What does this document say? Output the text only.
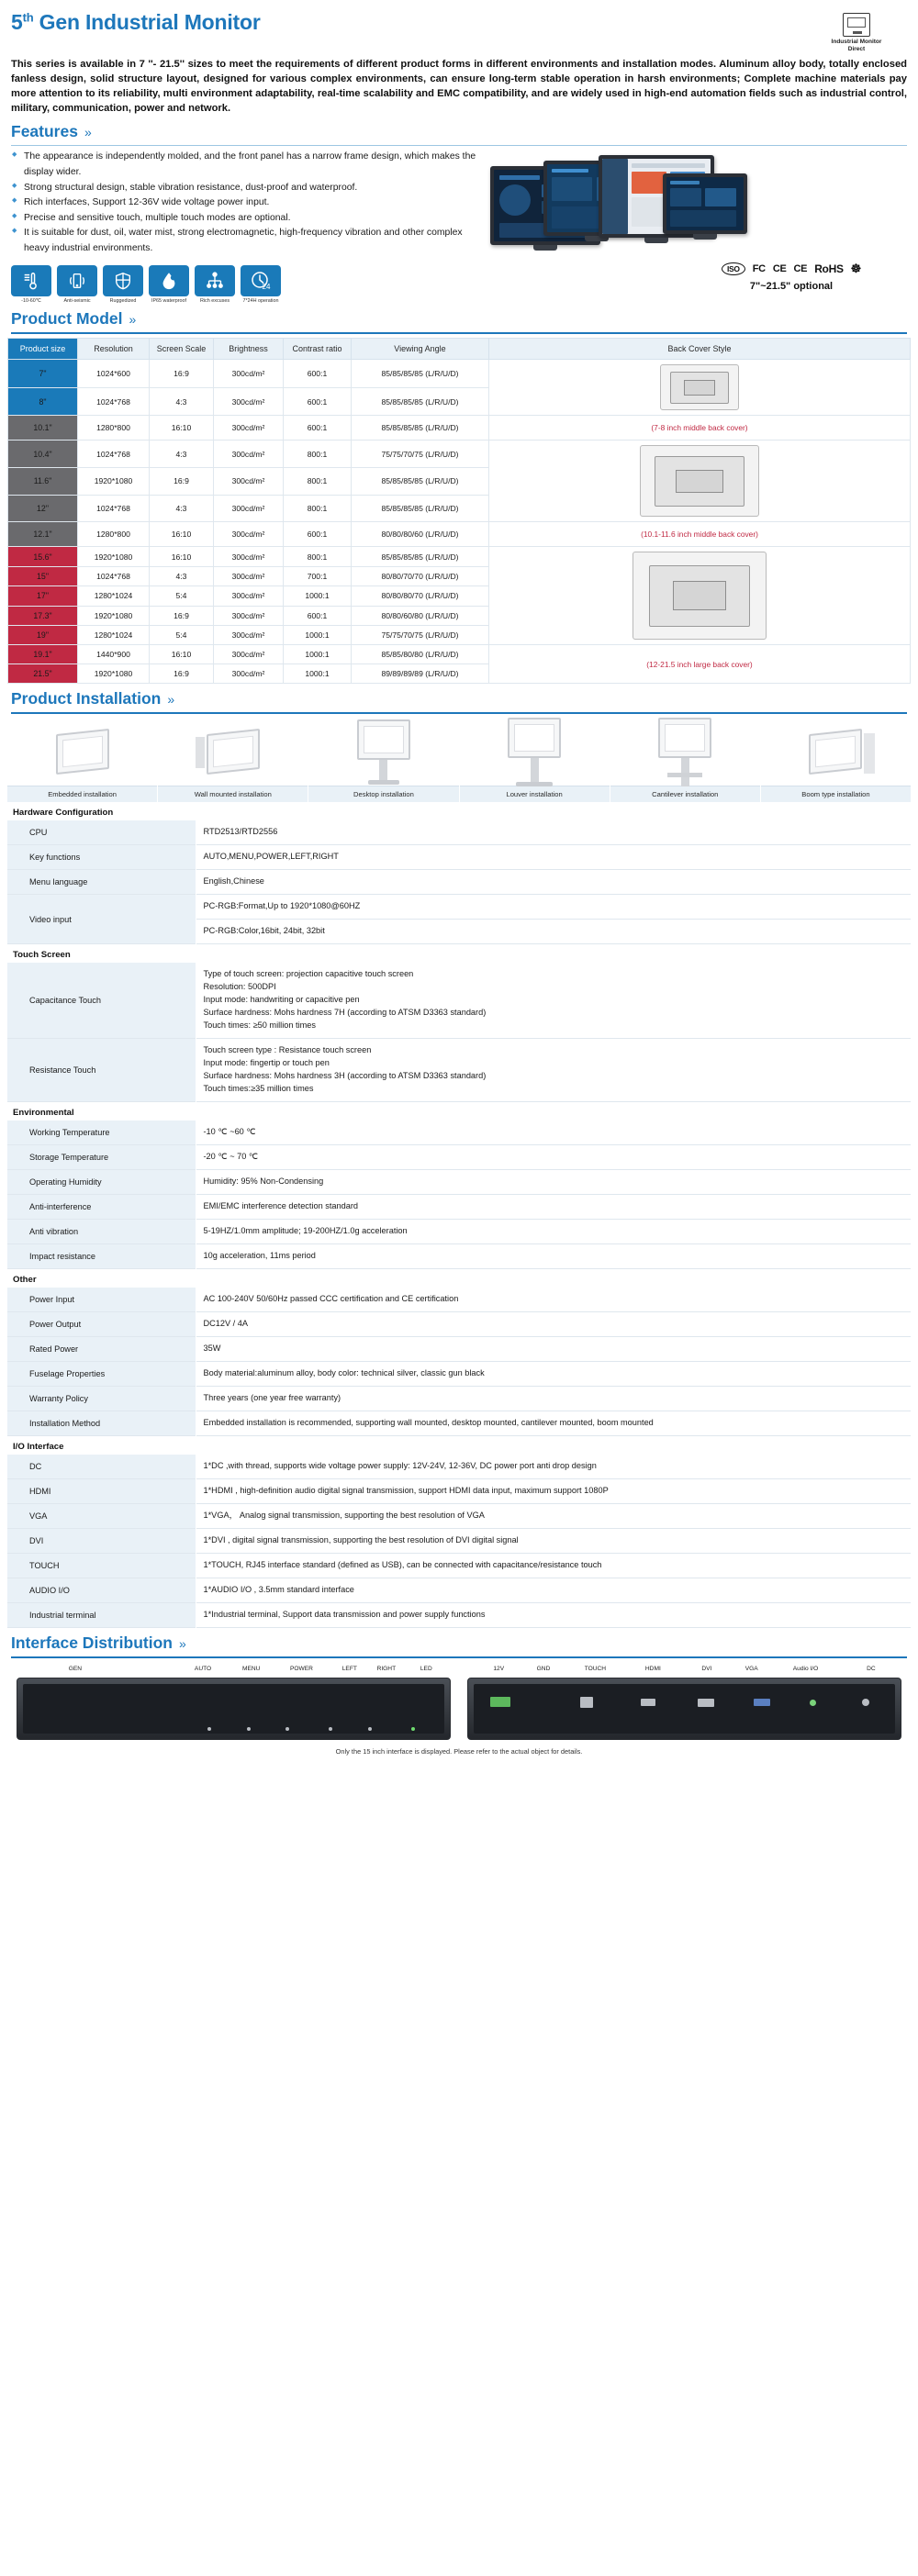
5th Gen Industrial Monitor
Industrial Monitor
Direct
This series is available in 7 ''- 21.5'' sizes to meet the requirements of different product forms in different environments and installation modes. Aluminum alloy body, totally enclosed fanless design, solid structure layout, designed for various complex environments, can ensure long-term stable operation in harsh environments; Complete machine materials pay more attention to its reliability, multi environment adaptability, real-time scalability and EMC compatibility, and are widely used in high-end automation fields such as industrial control, military, communication, power and network.
Features »
◆ The appearance is independently molded, and the front panel has a narrow frame design, which makes the display wider.
◆ Strong structural design, stable vibration resistance, dust-proof and waterproof.
◆ Rich interfaces, Support 12-36V wide voltage power input.
◆ Precise and sensitive touch, multiple touch modes are optional.
◆ It is suitable for dust, oil, water mist, strong electromagnetic, high-frequency vibration and other complex heavy industrial environments.
-10-60℃	Anti-seismic	Ruggedized	IP65 waterproof	Rich excuses
24
7*24H operation
ISO	FC CE CE RoHS ☸
7"~21.5" optional
Product Model »
Product size	Resolution	Screen Scale	Brightness	Contrast ratio	Viewing Angle	Back Cover Style
7"	1024*600	16:9	300cd/m²	600:1	85/85/85/85 (L/R/U/D)	

8"	1024*768	4:3	300cd/m²	600:1	85/85/85/85 (L/R/U/D)	
10.1"	1280*800	16:10	300cd/m²	600:1	85/85/85/85 (L/R/U/D)	(7-8 inch middle back cover)

10.4"	1024*768	4:3	300cd/m²	800:1	75/75/70/75 (L/R/U/D)	

11.6"	1920*1080	16:9	300cd/m²	800:1	85/85/85/85 (L/R/U/D)	
12"	1024*768	4:3	300cd/m²	800:1	85/85/85/85 (L/R/U/D)	
12.1"	1280*800	16:10	300cd/m²	600:1	80/80/80/60 (L/R/U/D)	(10.1-11.6 inch middle back cover)

15.6"	1920*1080	16:10	300cd/m²	800:1	85/85/85/85 (L/R/U/D)	

15"	1024*768	4:3	300cd/m²	700:1	80/80/70/70 (L/R/U/D)	
17"	1280*1024	5:4	300cd/m²	1000:1	80/80/80/70 (L/R/U/D)	
17.3"	1920*1080	16:9	300cd/m²	600:1	80/80/60/80 (L/R/U/D)	
19"	1280*1024	5:4	300cd/m²	1000:1	75/75/70/75 (L/R/U/D)	
19.1"	1440*900	16:10	300cd/m²	1000:1	85/85/80/80 (L/R/U/D)	(12-21.5 inch large back cover)

21.5"	1920*1080	16:9	300cd/m²	1000:1	89/89/89/89 (L/R/U/D)	
Product Installation »
Embedded installation	Wall mounted installation	Desktop installation	Louver installation	Cantilever installation	Boom type installation
Hardware Configuration
CPU	RTD2513/RTD2556
Key functions	AUTO,MENU,POWER,LEFT,RIGHT
Menu language	English,Chinese
Video input	PC-RGB:Format,Up to 1920*1080@60HZ
	PC-RGB:Color,16bit, 24bit, 32bit
Touch Screen
Capacitance Touch	Type of touch screen: projection capacitive touch screen
Resolution: 500DPI
Input mode: handwriting or capacitive pen
Surface hardness: Mohs hardness 7H (according to ATSM D3363 standard)
Touch times: ≥50 million times

Resistance Touch	Touch screen type : Resistance touch screen
Input mode: fingertip or touch pen
Surface hardness: Mohs hardness 3H (according to ATSM D3363 standard)
Touch times:≥35 million times
Environmental
Working Temperature	-10 ℃ ~60 ℃
Storage Temperature	-20 ℃ ~ 70 ℃
Operating Humidity	Humidity: 95% Non-Condensing
Anti-interference	EMI/EMC interference detection standard
Anti vibration	5-19HZ/1.0mm amplitude; 19-200HZ/1.0g acceleration
Impact resistance	10g acceleration, 11ms period
Other
Power Input	AC 100-240V 50/60Hz passed CCC certification and CE certification
Power Output	DC12V / 4A
Rated Power	35W
Fuselage Properties	Body material:aluminum alloy, body color: technical silver, classic gun black
Warranty Policy	Three years (one year free warranty)
Installation Method	Embedded installation is recommended, supporting wall mounted, desktop mounted, cantilever mounted, boom mounted
I/O Interface
DC	1*DC ,with thread, supports wide voltage power supply: 12V-24V, 12-36V, DC power port anti drop design
HDMI	1*HDMI , high-definition audio digital signal transmission, support HDMI data input, maximum support 1080P
VGA	1*VGA， Analog signal transmission, supporting the best resolution of VGA
DVI	1*DVI , digital signal transmission, supporting the best resolution of DVI digital signal
TOUCH	1*TOUCH, RJ45 interface standard (defined as USB), can be connected with capacitance/resistance touch
AUDIO I/O	1*AUDIO I/O , 3.5mm standard interface
Industrial terminal	1*Industrial terminal, Support data transmission and power supply functions
Interface Distribution »
GEN	AUTO	MENU	POWER	LEFT	RIGHT	LED	12V	GND	TOUCH	HDMI	DVI	VGA	Audio I/O	DC
Only the 15 inch interface is displayed. Please refer to the actual object for details.
